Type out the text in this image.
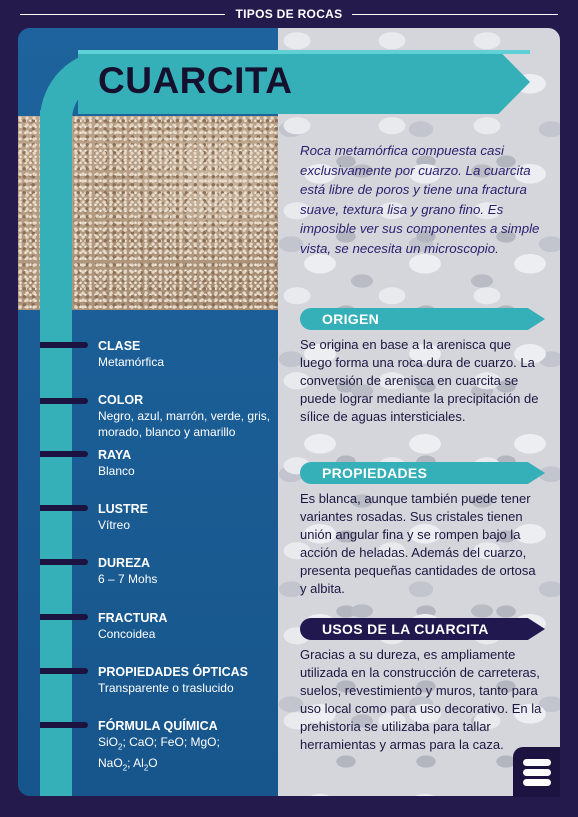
TIPOS DE ROCAS
CUARCITA
CLASE
Metamórfica
COLOR
Negro, azul, marrón, verde, gris, morado, blanco y amarillo
RAYA
Blanco
LUSTRE
Vítreo
DUREZA
6 – 7 Mohs
FRACTURA
Concoidea
PROPIEDADES ÓPTICAS
Transparente o traslucido
FÓRMULA QUÍMICA
SiO$_2$; CaO; FeO; MgO;
NaO$_2$; $Al_2O$
Roca metamórfica compuesta casi exclusivamente por cuarzo. La cuarcita está libre de poros y tiene una fractura suave, textura lisa y grano fino. Es imposible ver sus componentes a simple vista, se necesita un microscopio.
ORIGEN
Se origina en base a la arenisca que luego forma una roca dura de cuarzo. La conversión de arenisca en cuarcita se puede lograr mediante la precipitación de sílice de aguas intersticiales.
PROPIEDADES
Es blanca, aunque también puede tener variantes rosadas. Sus cristales tienen unión angular fina y se rompen bajo la acción de heladas. Además del cuarzo, presenta pequeñas cantidades de ortosa y albita.
USOS DE LA CUARCITA
Gracias a su dureza, es ampliamente utilizada en la construcción de carreteras, suelos, revestimiento y muros, tanto para uso local como para uso decorativo. En la prehistoria se utilizaba para tallar herramientas y armas para la caza.
